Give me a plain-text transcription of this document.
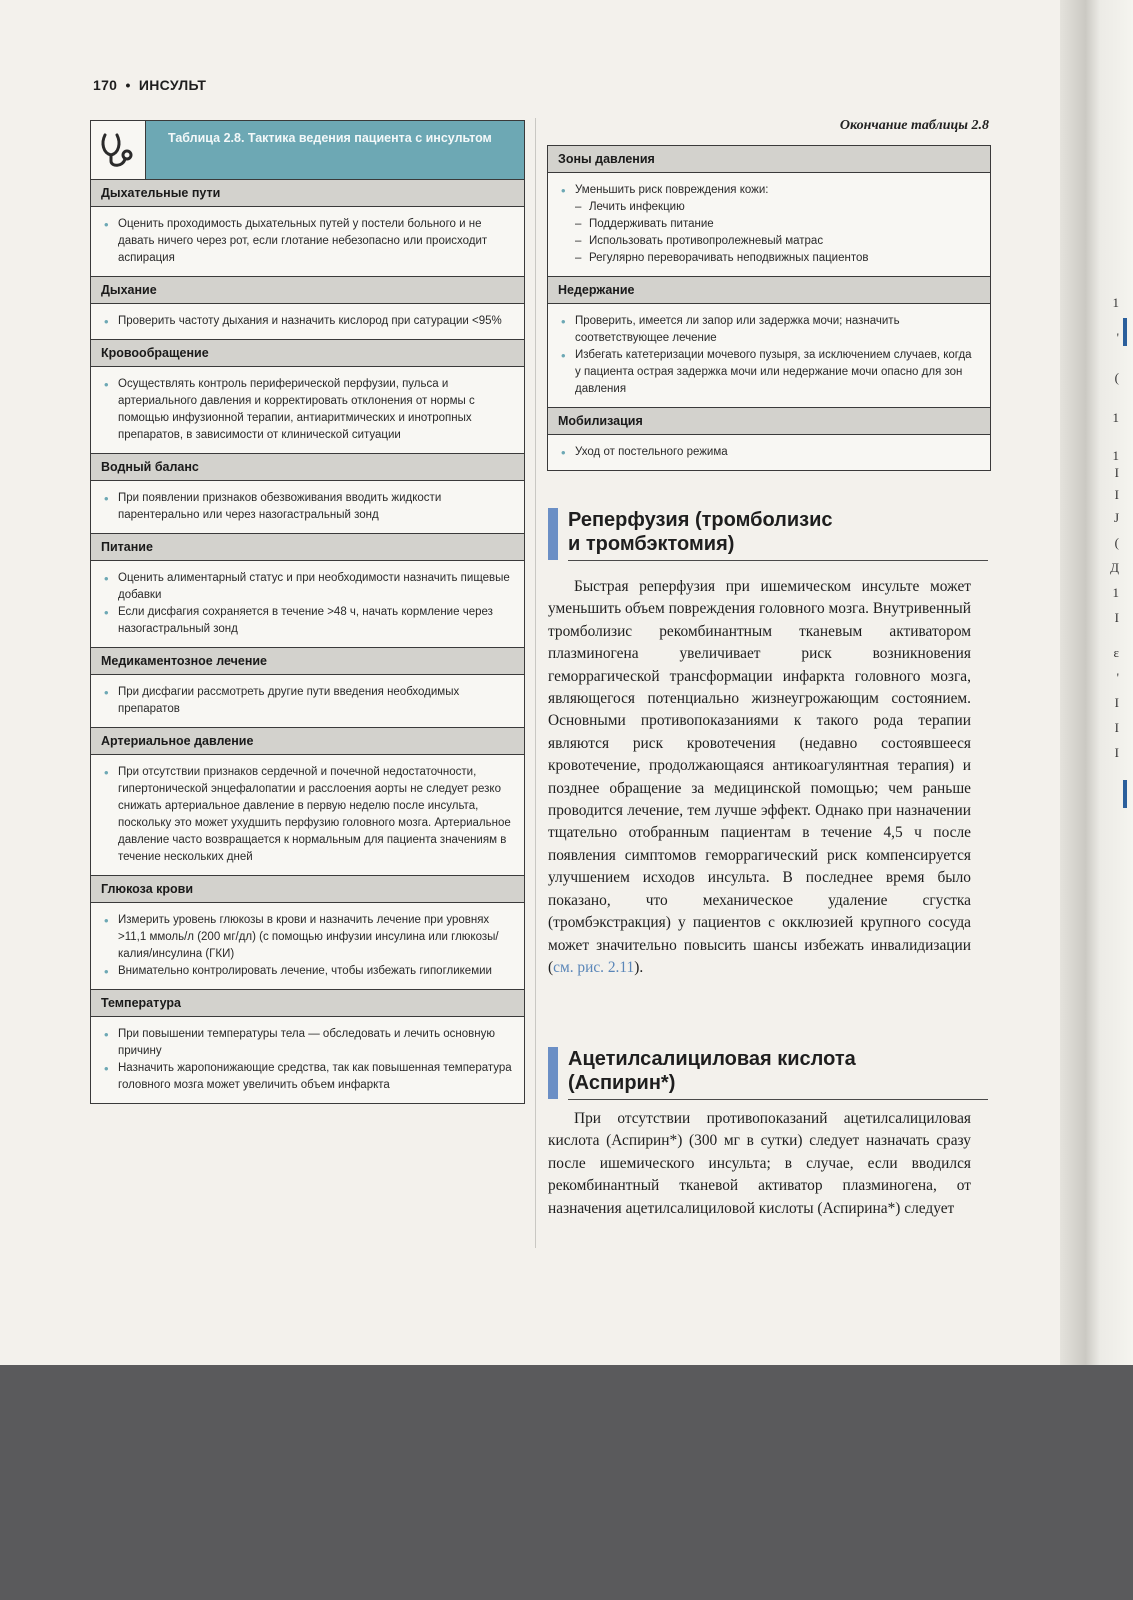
1
'
(
1
1
I
I
J
(
Д
1
I
ε
'
I
I
I
170 • ИНСУЛЬТ
Таблица 2.8. Тактика ведения пациента с инсультом
Дыхательные пути
• Оценить проходимость дыхательных путей у постели больного и не давать ничего через рот, если глотание небезопасно или происходит аспирация
Дыхание
• Проверить частоту дыхания и назначить кислород при сатурации <95%
Кровообращение
• Осуществлять контроль периферической перфузии, пульса и артериального давления и корректировать отклонения от нормы с помощью инфузионной терапии, антиаритмических и инотропных препаратов, в зависимости от клинической ситуации
Водный баланс
• При появлении признаков обезвоживания вводить жидкости парентерально или через назогастральный зонд
Питание
• Оценить алиментарный статус и при необходимости назначить пищевые добавки
• Если дисфагия сохраняется в течение >48 ч, начать кормление через назогастральный зонд
Медикаментозное лечение
• При дисфагии рассмотреть другие пути введения необходимых препаратов
Артериальное давление
• При отсутствии признаков сердечной и почечной недостаточности, гипертонической энцефалопатии и расслоения аорты не следует резко снижать артериальное давление в первую неделю после инсульта, поскольку это может ухудшить перфузию головного мозга. Артериальное давление часто возвращается к нормальным для пациента значениям в течение нескольких дней
Глюкоза крови
• Измерить уровень глюкозы в крови и назначить лечение при уровнях >11,1 ммоль/л (200 мг/дл) (с помощью инфузии инсулина или глюкозы/калия/инсулина (ГКИ)
• Внимательно контролировать лечение, чтобы избежать гипогликемии
Температура
• При повышении температуры тела — обследовать и лечить основную причину
• Назначить жаропонижающие средства, так как повышенная температура головного мозга может увеличить объем инфаркта
Окончание таблицы 2.8
Зоны давления
• Уменьшить риск повреждения кожи:
– Лечить инфекцию
– Поддерживать питание
– Использовать противопролежневый матрас
– Регулярно переворачивать неподвижных пациентов
Недержание
• Проверить, имеется ли запор или задержка мочи; назначить соответствующее лечение
• Избегать катетеризации мочевого пузыря, за исключением случаев, когда у пациента острая задержка мочи или недержание мочи опасно для зон давления
Мобилизация
• Уход от постельного режима
Реперфузия (тромболизис
и тромбэктомия)
Быстрая реперфузия при ишемическом инсульте может уменьшить объем повреждения головного мозга. Внутривенный тромболизис рекомбинантным тканевым активатором плазминогена увеличивает риск возникновения геморрагической трансформации инфаркта головного мозга, являющегося потенциально жизнеугрожающим состоянием. Основными противопоказаниями к такого рода терапии являются риск кровотечения (недавно состоявшееся кровотечение, продолжающаяся антикоагулянтная терапия) и позднее обращение за медицинской помощью; чем раньше проводится лечение, тем лучше эффект. Однако при назначении тщательно отобранным пациентам в течение 4,5 ч после появления симптомов геморрагический риск компенсируется улучшением исходов инсульта. В последнее время было показано, что механическое удаление сгустка (тромбэкстракция) у пациентов с окклюзией крупного сосуда может значительно повысить шансы избежать инвалидизации (см. рис. 2.11).
Ацетилсалициловая кислота
(Аспирин*)
При отсутствии противопоказаний ацетилсалициловая кислота (Аспирин*) (300 мг в сутки) следует назначать сразу после ишемического инсульта; в случае, если вводился рекомбинантный тканевой активатор плазминогена, от назначения ацетилсалициловой кислоты (Аспирина*) следует
